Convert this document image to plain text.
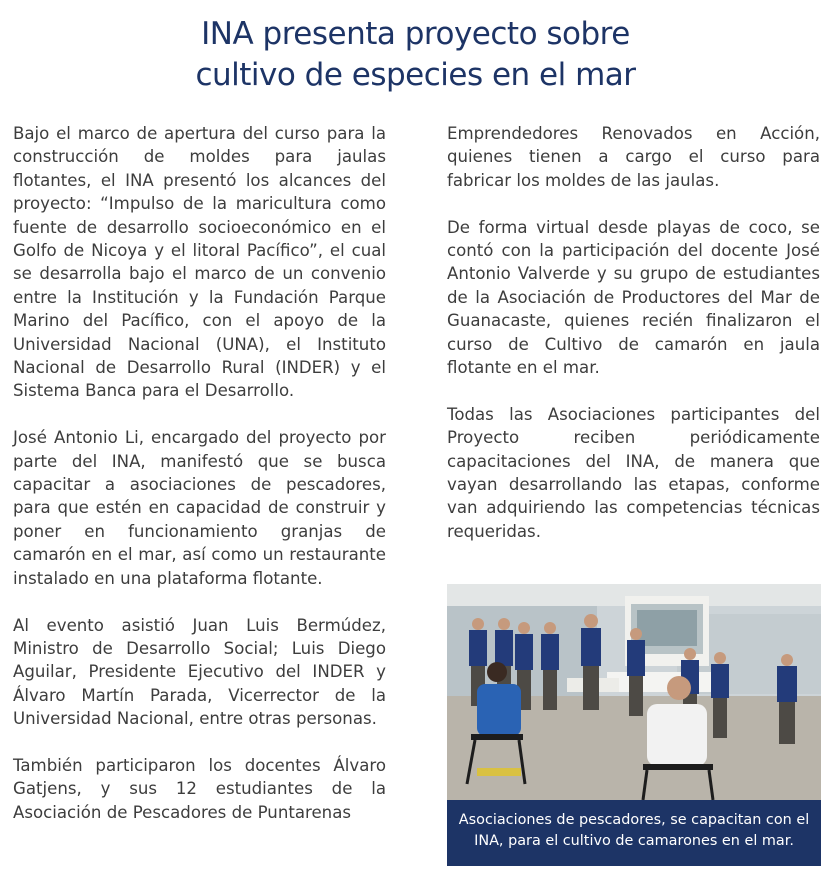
INA presenta proyecto sobre
cultivo de especies en el mar

Bajo el marco de apertura del curso para la construcción de moldes para jaulas flotantes, el INA presentó los alcances del proyecto: “Impulso de la maricultura como fuente de desarrollo socioeconómico en el Golfo de Nicoya y el litoral Pacífico”, el cual se desarrolla bajo el marco de un convenio entre la Institución y la Fundación Parque Marino del Pacífico, con el apoyo de la Universidad Nacional (UNA), el Instituto Nacional de Desarrollo Rural (INDER) y el Sistema Banca para el Desarrollo.

José Antonio Li, encargado del proyecto por parte del INA, manifestó que se busca capacitar a asociaciones de pescadores, para que estén en capacidad de construir y poner en funcionamiento granjas de camarón en el mar, así como un restaurante instalado en una plataforma flotante.

Al evento asistió Juan Luis Bermúdez, Ministro de Desarrollo Social; Luis Diego Aguilar, Presidente Ejecutivo del INDER y Álvaro Martín Parada, Vicerrector de la Universidad Nacional, entre otras personas.

También participaron los docentes Álvaro Gatjens, y sus 12 estudiantes de la Asociación de Pescadores de Puntarenas

Emprendedores Renovados en Acción, quienes tienen a cargo el curso para fabricar los moldes de las jaulas.

De forma virtual desde playas de coco, se contó con la participación del docente José Antonio Valverde y su grupo de estudiantes de la Asociación de Productores del Mar de Guanacaste, quienes recién finalizaron el curso de Cultivo de camarón en jaula flotante en el mar.

Todas las Asociaciones participantes del Proyecto reciben periódicamente capacitaciones del INA, de manera que vayan desarrollando las etapas, conforme van adquiriendo las competencias técnicas requeridas.

Asociaciones de pescadores, se capacitan con el
INA, para el cultivo de camarones en el mar.
